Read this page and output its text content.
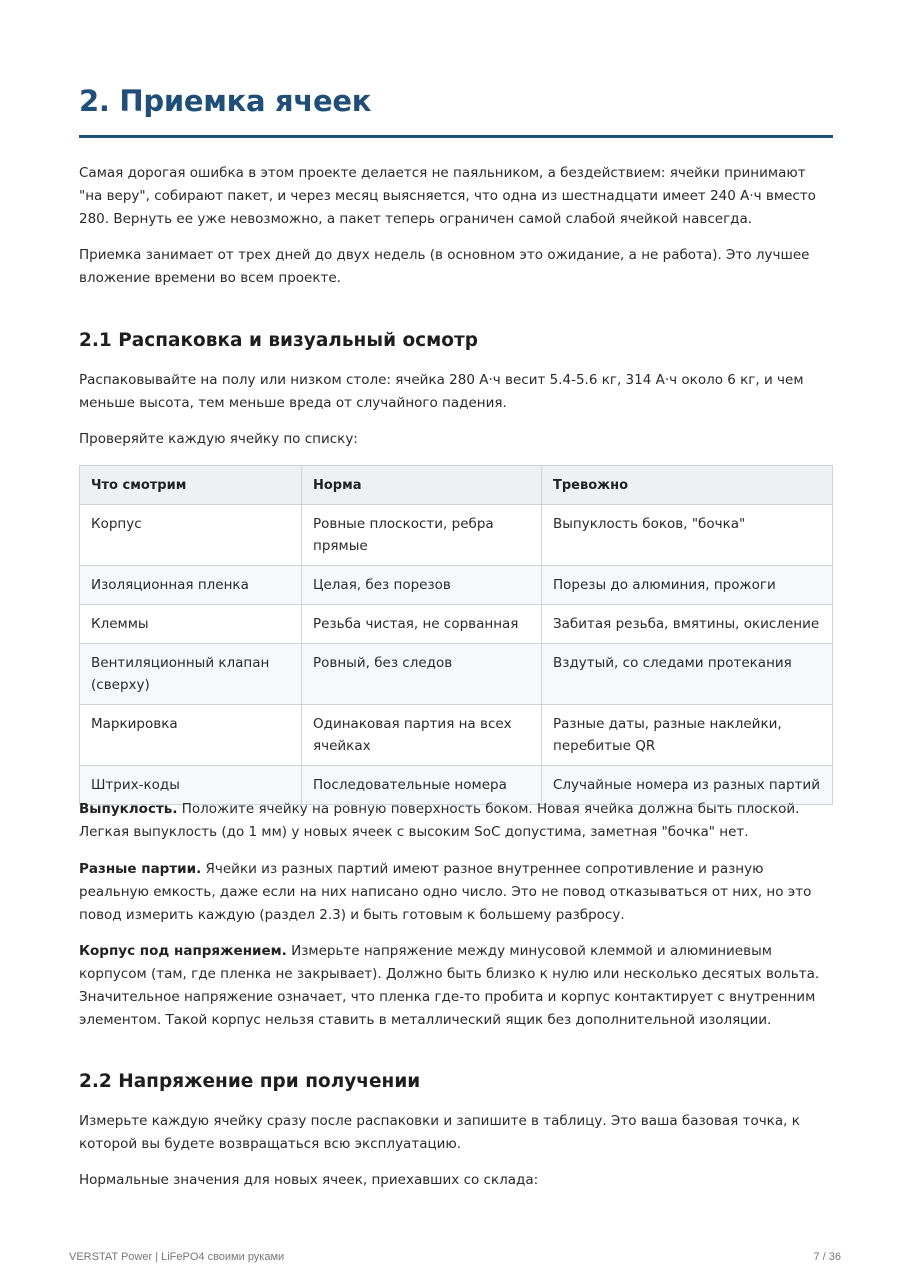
2. Приемка ячеек

Самая дорогая ошибка в этом проекте делается не паяльником, а бездействием: ячейки принимают "на веру", собирают пакет, и через месяц выясняется, что одна из шестнадцати имеет 240 А·ч вместо 280. Вернуть ее уже невозможно, а пакет теперь ограничен самой слабой ячейкой навсегда.

Приемка занимает от трех дней до двух недель (в основном это ожидание, а не работа). Это лучшее вложение времени во всем проекте.

2.1 Распаковка и визуальный осмотр

Распаковывайте на полу или низком столе: ячейка 280 А·ч весит 5.4-5.6 кг, 314 А·ч около 6 кг, и чем меньше высота, тем меньше вреда от случайного падения.

Проверяйте каждую ячейку по списку:

Что смотрим	Норма	Тревожно
Корпус	Ровные плоскости, ребра прямые	Выпуклость боков, "бочка"
Изоляционная пленка	Целая, без порезов	Порезы до алюминия, прожоги
Клеммы	Резьба чистая, не сорванная	Забитая резьба, вмятины, окисление
Вентиляционный клапан (сверху)	Ровный, без следов	Вздутый, со следами протекания
Маркировка	Одинаковая партия на всех ячейках	Разные даты, разные наклейки, перебитые QR
Штрих-коды	Последовательные номера	Случайные номера из разных партий

Выпуклость. Положите ячейку на ровную поверхность боком. Новая ячейка должна быть плоской. Легкая выпуклость (до 1 мм) у новых ячеек с высоким SoC допустима, заметная "бочка" нет.

Разные партии. Ячейки из разных партий имеют разное внутреннее сопротивление и разную реальную емкость, даже если на них написано одно число. Это не повод отказываться от них, но это повод измерить каждую (раздел 2.3) и быть готовым к большему разбросу.

Корпус под напряжением. Измерьте напряжение между минусовой клеммой и алюминиевым корпусом (там, где пленка не закрывает). Должно быть близко к нулю или несколько десятых вольта. Значительное напряжение означает, что пленка где-то пробита и корпус контактирует с внутренним элементом. Такой корпус нельзя ставить в металлический ящик без дополнительной изоляции.

2.2 Напряжение при получении

Измерьте каждую ячейку сразу после распаковки и запишите в таблицу. Это ваша базовая точка, к которой вы будете возвращаться всю эксплуатацию.

Нормальные значения для новых ячеек, приехавших со склада:

VERSTAT Power | LiFePO4 своими руками	7 / 36
